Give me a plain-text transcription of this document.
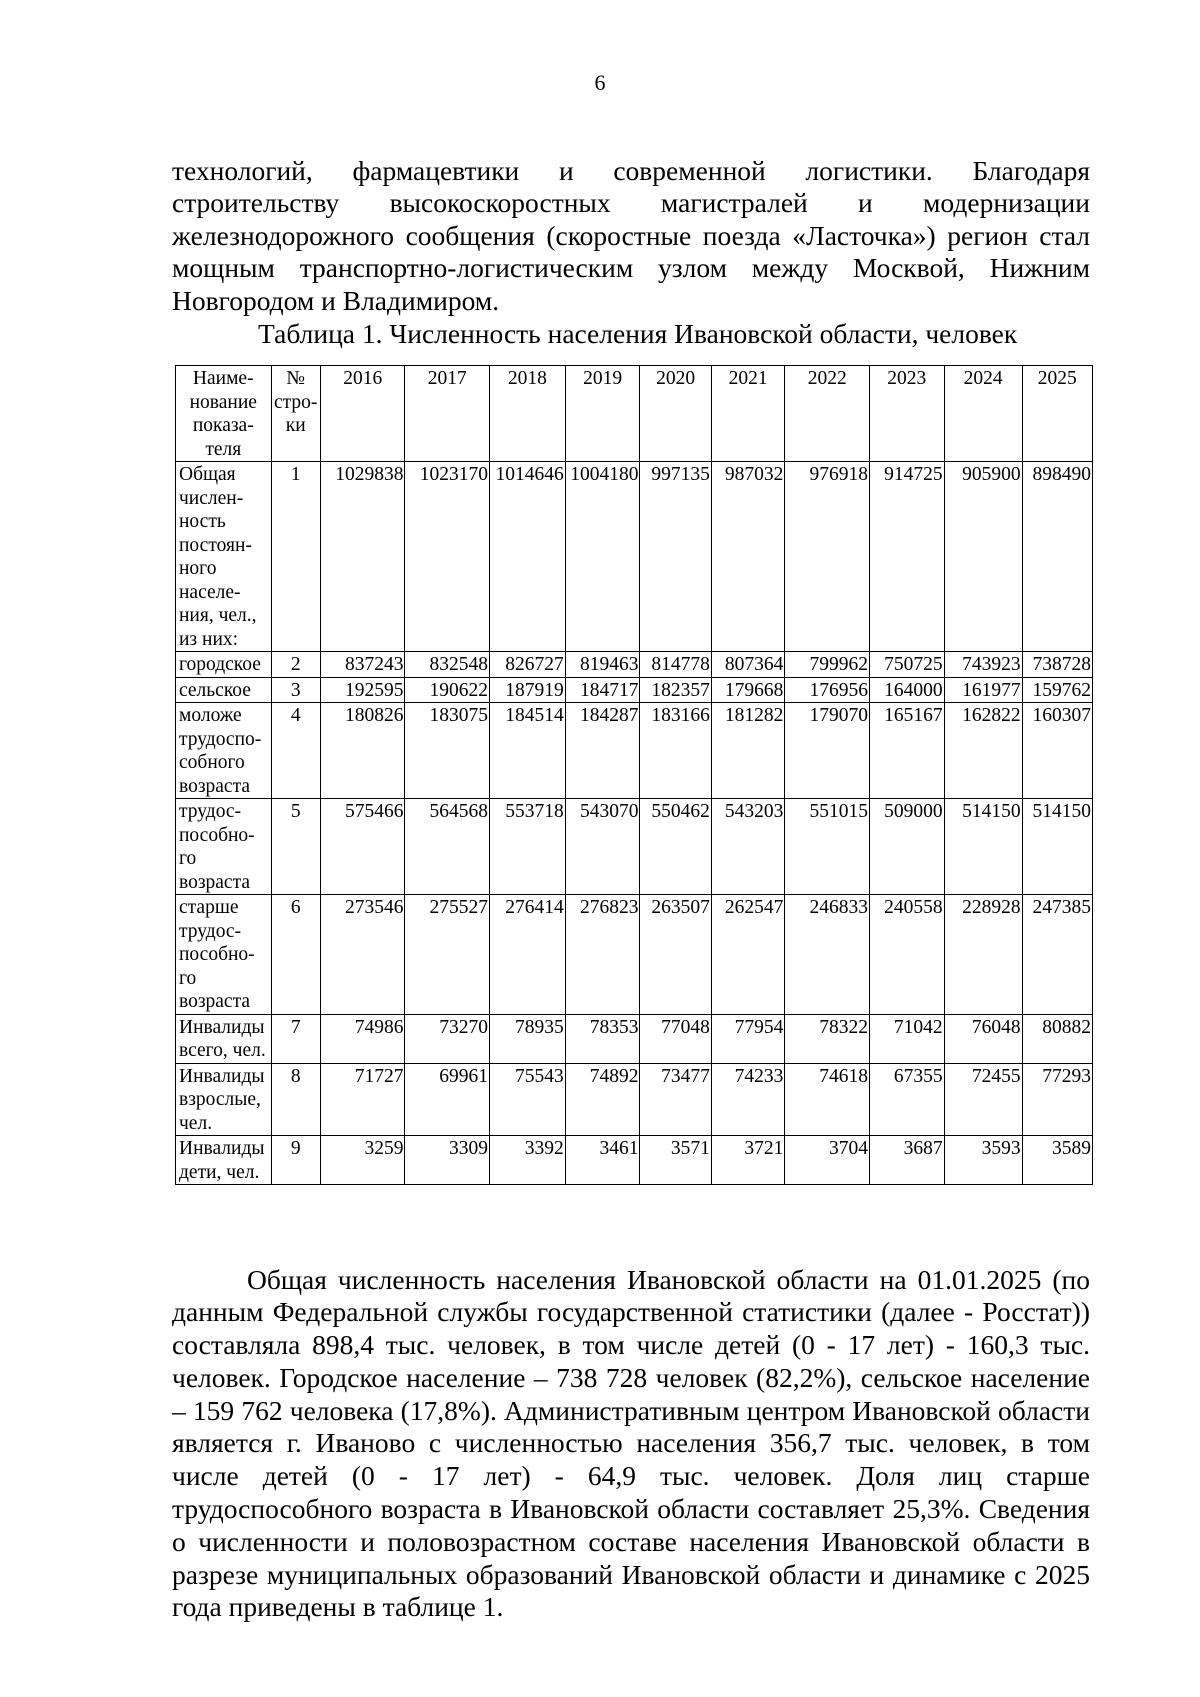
6

технологий, фармацевтики и современной логистики. Благодаря строительству высокоскоростных магистралей и модернизации железнодорожного сообщения (скоростные поезда «Ласточка») регион стал мощным транспортно-логистическим узлом между Москвой, Нижним Новгородом и Владимиром.

Таблица 1. Численность населения Ивановской области, человек
Наиме-нование показа-теля	№ стро-ки	2016	2017	2018	2019	2020	2021	2022	2023	2024	2025
Общая числен-ность постоян-ного населе-ния, чел., из них:	1	1029838	1023170	1014646	1004180	997135	987032	976918	914725	905900	898490
городское	2	837243	832548	826727	819463	814778	807364	799962	750725	743923	738728
сельское	3	192595	190622	187919	184717	182357	179668	176956	164000	161977	159762
моложе трудоспо-собного возраста	4	180826	183075	184514	184287	183166	181282	179070	165167	162822	160307
трудос-пособно-го возраста	5	575466	564568	553718	543070	550462	543203	551015	509000	514150	514150
старше трудос-пособно-го возраста	6	273546	275527	276414	276823	263507	262547	246833	240558	228928	247385
Инвалиды всего, чел.	7	74986	73270	78935	78353	77048	77954	78322	71042	76048	80882
Инвалиды взрослые, чел.	8	71727	69961	75543	74892	73477	74233	74618	67355	72455	77293
Инвалиды дети, чел.	9	3259	3309	3392	3461	3571	3721	3704	3687	3593	3589

Общая численность населения Ивановской области на 01.01.2025 (по данным Федеральной службы государственной статистики (далее - Росстат)) составляла 898,4 тыс. человек, в том числе детей (0 - 17 лет) - 160,3 тыс. человек. Городское население – 738 728 человек (82,2%), сельское население – 159 762 человека (17,8%). Административным центром Ивановской области является г. Иваново с численностью населения 356,7 тыс. человек, в том числе детей (0 - 17 лет) - 64,9 тыс. человек. Доля лиц старше трудоспособного возраста в Ивановской области составляет 25,3%. Сведения о численности и половозрастном составе населения Ивановской области в разрезе муниципальных образований Ивановской области и динамике с 2025 года приведены в таблице 1.
